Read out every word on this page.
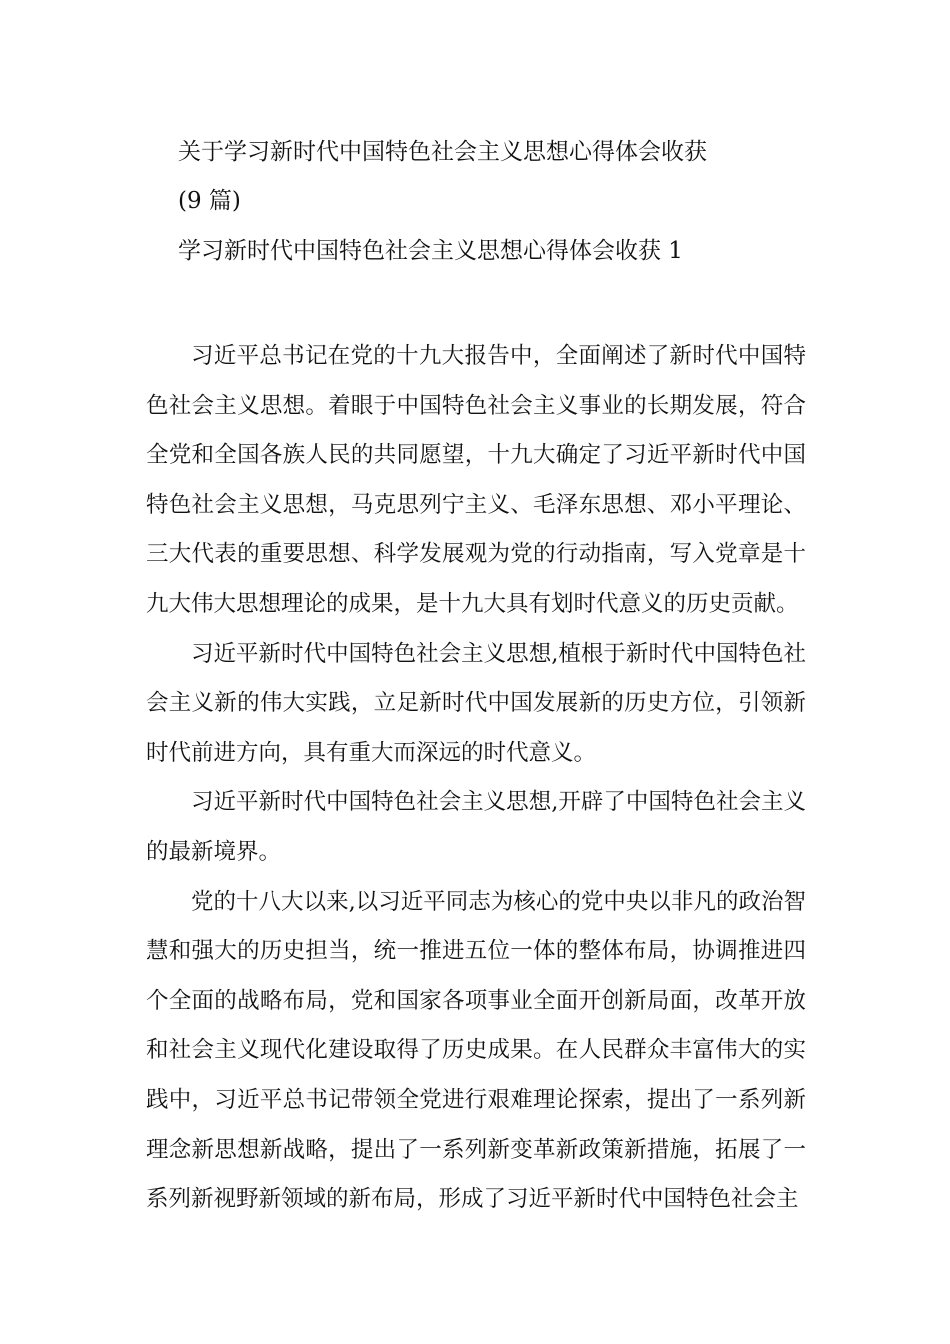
关于学习新时代中国特色社会主义思想心得体会收获
(9 篇)
学习新时代中国特色社会主义思想心得体会收获 1

习近平总书记在党的十九大报告中，全面阐述了新时代中国特色社会主义思想。着眼于中国特色社会主义事业的长期发展，符合全党和全国各族人民的共同愿望，十九大确定了习近平新时代中国特色社会主义思想，马克思列宁主义、毛泽东思想、邓小平理论、三大代表的重要思想、科学发展观为党的行动指南，写入党章是十九大伟大思想理论的成果，是十九大具有划时代意义的历史贡献。

习近平新时代中国特色社会主义思想,植根于新时代中国特色社会主义新的伟大实践，立足新时代中国发展新的历史方位，引领新时代前进方向，具有重大而深远的时代意义。

习近平新时代中国特色社会主义思想,开辟了中国特色社会主义的最新境界。

党的十八大以来,以习近平同志为核心的党中央以非凡的政治智慧和强大的历史担当，统一推进五位一体的整体布局，协调推进四个全面的战略布局，党和国家各项事业全面开创新局面，改革开放和社会主义现代化建设取得了历史成果。在人民群众丰富伟大的实践中，习近平总书记带领全党进行艰难理论探索，提出了一系列新理念新思想新战略，提出了一系列新变革新政策新措施，拓展了一系列新视野新领域的新布局，形成了习近平新时代中国特色社会主
